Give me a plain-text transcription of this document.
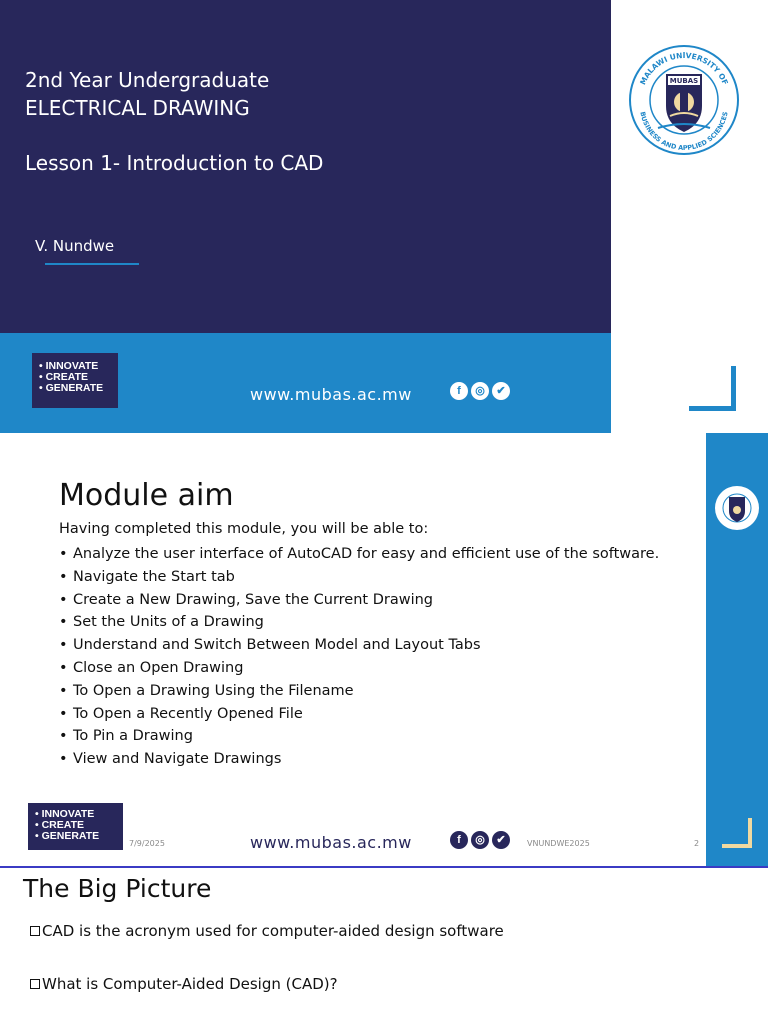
2nd Year Undergraduate
ELECTRICAL DRAWING
Lesson 1- Introduction to CAD
V. Nundwe
MALAWI UNIVERSITY OF
BUSINESS AND APPLIED SCIENCES
MUBAS
• INNOVATE
• CREATE
• GENERATE	www.mubas.ac.mw	f	◎	✔
Module aim
Having completed this module, you will be able to:
• Analyze the user interface of AutoCAD for easy and efficient use of the software.
• Navigate the Start tab
• Create a New Drawing, Save the Current Drawing
• Set the Units of a Drawing
• Understand and Switch Between Model and Layout Tabs
• Close an Open Drawing
• To Open a Drawing Using the Filename
• To Open a Recently Opened File
• To Pin a Drawing
• View and Navigate Drawings
• INNOVATE
• CREATE
• GENERATE
7/9/2025	www.mubas.ac.mw	f	◎	✔	VNUNDWE2025	2
The Big Picture
CAD is the acronym used for computer-aided design software
What is Computer-Aided Design (CAD)?
